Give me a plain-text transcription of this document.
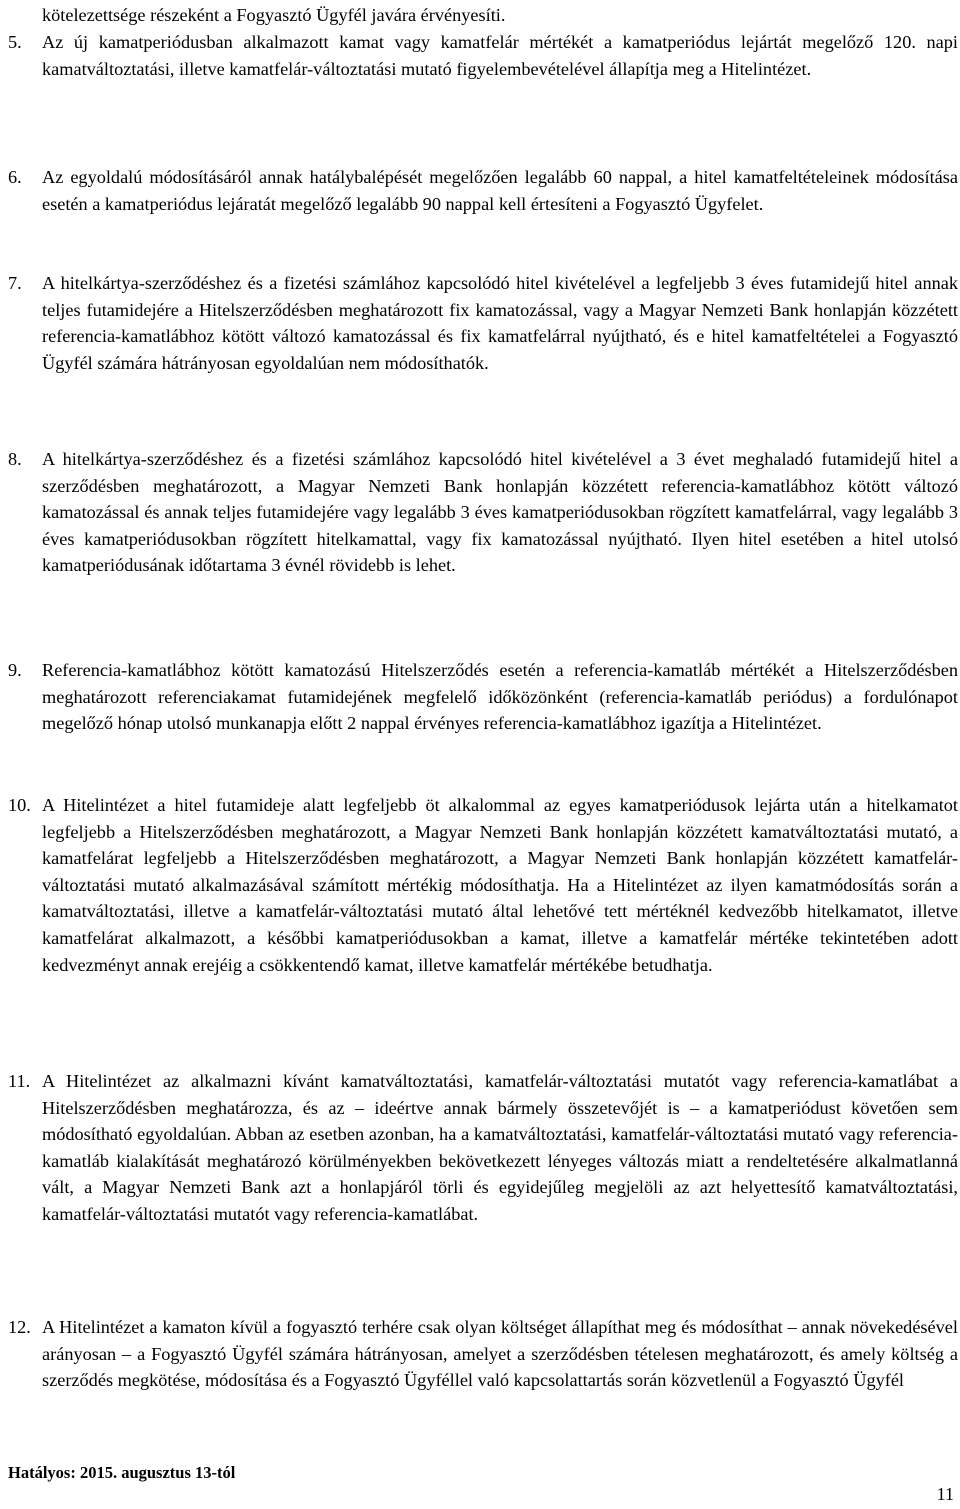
kötelezettsége részeként a Fogyasztó Ügyfél javára érvényesíti.

5. Az új kamatperiódusban alkalmazott kamat vagy kamatfelár mértékét a kamatperiódus lejártát megelőző 120. napi kamatváltoztatási, illetve kamatfelár-változtatási mutató figyelembevételével állapítja meg a Hitelintézet.

6. Az egyoldalú módosításáról annak hatálybalépését megelőzően legalább 60 nappal, a hitel kamatfeltételeinek módosítása esetén a kamatperiódus lejáratát megelőző legalább 90 nappal kell értesíteni a Fogyasztó Ügyfelet.

7. A hitelkártya-szerződéshez és a fizetési számlához kapcsolódó hitel kivételével a legfeljebb 3 éves futamidejű hitel annak teljes futamidejére a Hitelszerződésben meghatározott fix kamatozással, vagy a Magyar Nemzeti Bank honlapján közzétett referencia-kamatlábhoz kötött változó kamatozással és fix kamatfelárral nyújtható, és e hitel kamatfeltételei a Fogyasztó Ügyfél számára hátrányosan egyoldalúan nem módosíthatók.

8. A hitelkártya-szerződéshez és a fizetési számlához kapcsolódó hitel kivételével a 3 évet meghaladó futamidejű hitel a szerződésben meghatározott, a Magyar Nemzeti Bank honlapján közzétett referencia-kamatlábhoz kötött változó kamatozással és annak teljes futamidejére vagy legalább 3 éves kamatperiódusokban rögzített kamatfelárral, vagy legalább 3 éves kamatperiódusokban rögzített hitelkamattal, vagy fix kamatozással nyújtható. Ilyen hitel esetében a hitel utolsó kamatperiódusának időtartama 3 évnél rövidebb is lehet.

9. Referencia-kamatlábhoz kötött kamatozású Hitelszerződés esetén a referencia-kamatláb mértékét a Hitelszerződésben meghatározott referenciakamat futamidejének megfelelő időközönként (referencia-kamatláb periódus) a fordulónapot megelőző hónap utolsó munkanapja előtt 2 nappal érvényes referencia-kamatlábhoz igazítja a Hitelintézet.

10. A Hitelintézet a hitel futamideje alatt legfeljebb öt alkalommal az egyes kamatperiódusok lejárta után a hitelkamatot legfeljebb a Hitelszerződésben meghatározott, a Magyar Nemzeti Bank honlapján közzétett kamatváltoztatási mutató, a kamatfelárat legfeljebb a Hitelszerződésben meghatározott, a Magyar Nemzeti Bank honlapján közzétett kamatfelár-változtatási mutató alkalmazásával számított mértékig módosíthatja. Ha a Hitelintézet az ilyen kamatmódosítás során a kamatváltoztatási, illetve a kamatfelár-változtatási mutató által lehetővé tett mértéknél kedvezőbb hitelkamatot, illetve kamatfelárat alkalmazott, a későbbi kamatperiódusokban a kamat, illetve a kamatfelár mértéke tekintetében adott kedvezményt annak erejéig a csökkentendő kamat, illetve kamatfelár mértékébe betudhatja.

11. A Hitelintézet az alkalmazni kívánt kamatváltoztatási, kamatfelár-változtatási mutatót vagy referencia-kamatlábat a Hitelszerződésben meghatározza, és az – ideértve annak bármely összetevőjét is – a kamatperiódust követően sem módosítható egyoldalúan. Abban az esetben azonban, ha a kamatváltoztatási, kamatfelár-változtatási mutató vagy referencia-kamatláb kialakítását meghatározó körülményekben bekövetkezett lényeges változás miatt a rendeltetésére alkalmatlanná vált, a Magyar Nemzeti Bank azt a honlapjáról törli és egyidejűleg megjelöli az azt helyettesítő kamatváltoztatási, kamatfelár-változtatási mutatót vagy referencia-kamatlábat.

12. A Hitelintézet a kamaton kívül a fogyasztó terhére csak olyan költséget állapíthat meg és módosíthat – annak növekedésével arányosan – a Fogyasztó Ügyfél számára hátrányosan, amelyet a szerződésben tételesen meghatározott, és amely költség a szerződés megkötése, módosítása és a Fogyasztó Ügyféllel való kapcsolattartás során közvetlenül a Fogyasztó Ügyfél

Hatályos: 2015. augusztus 13-tól
11
